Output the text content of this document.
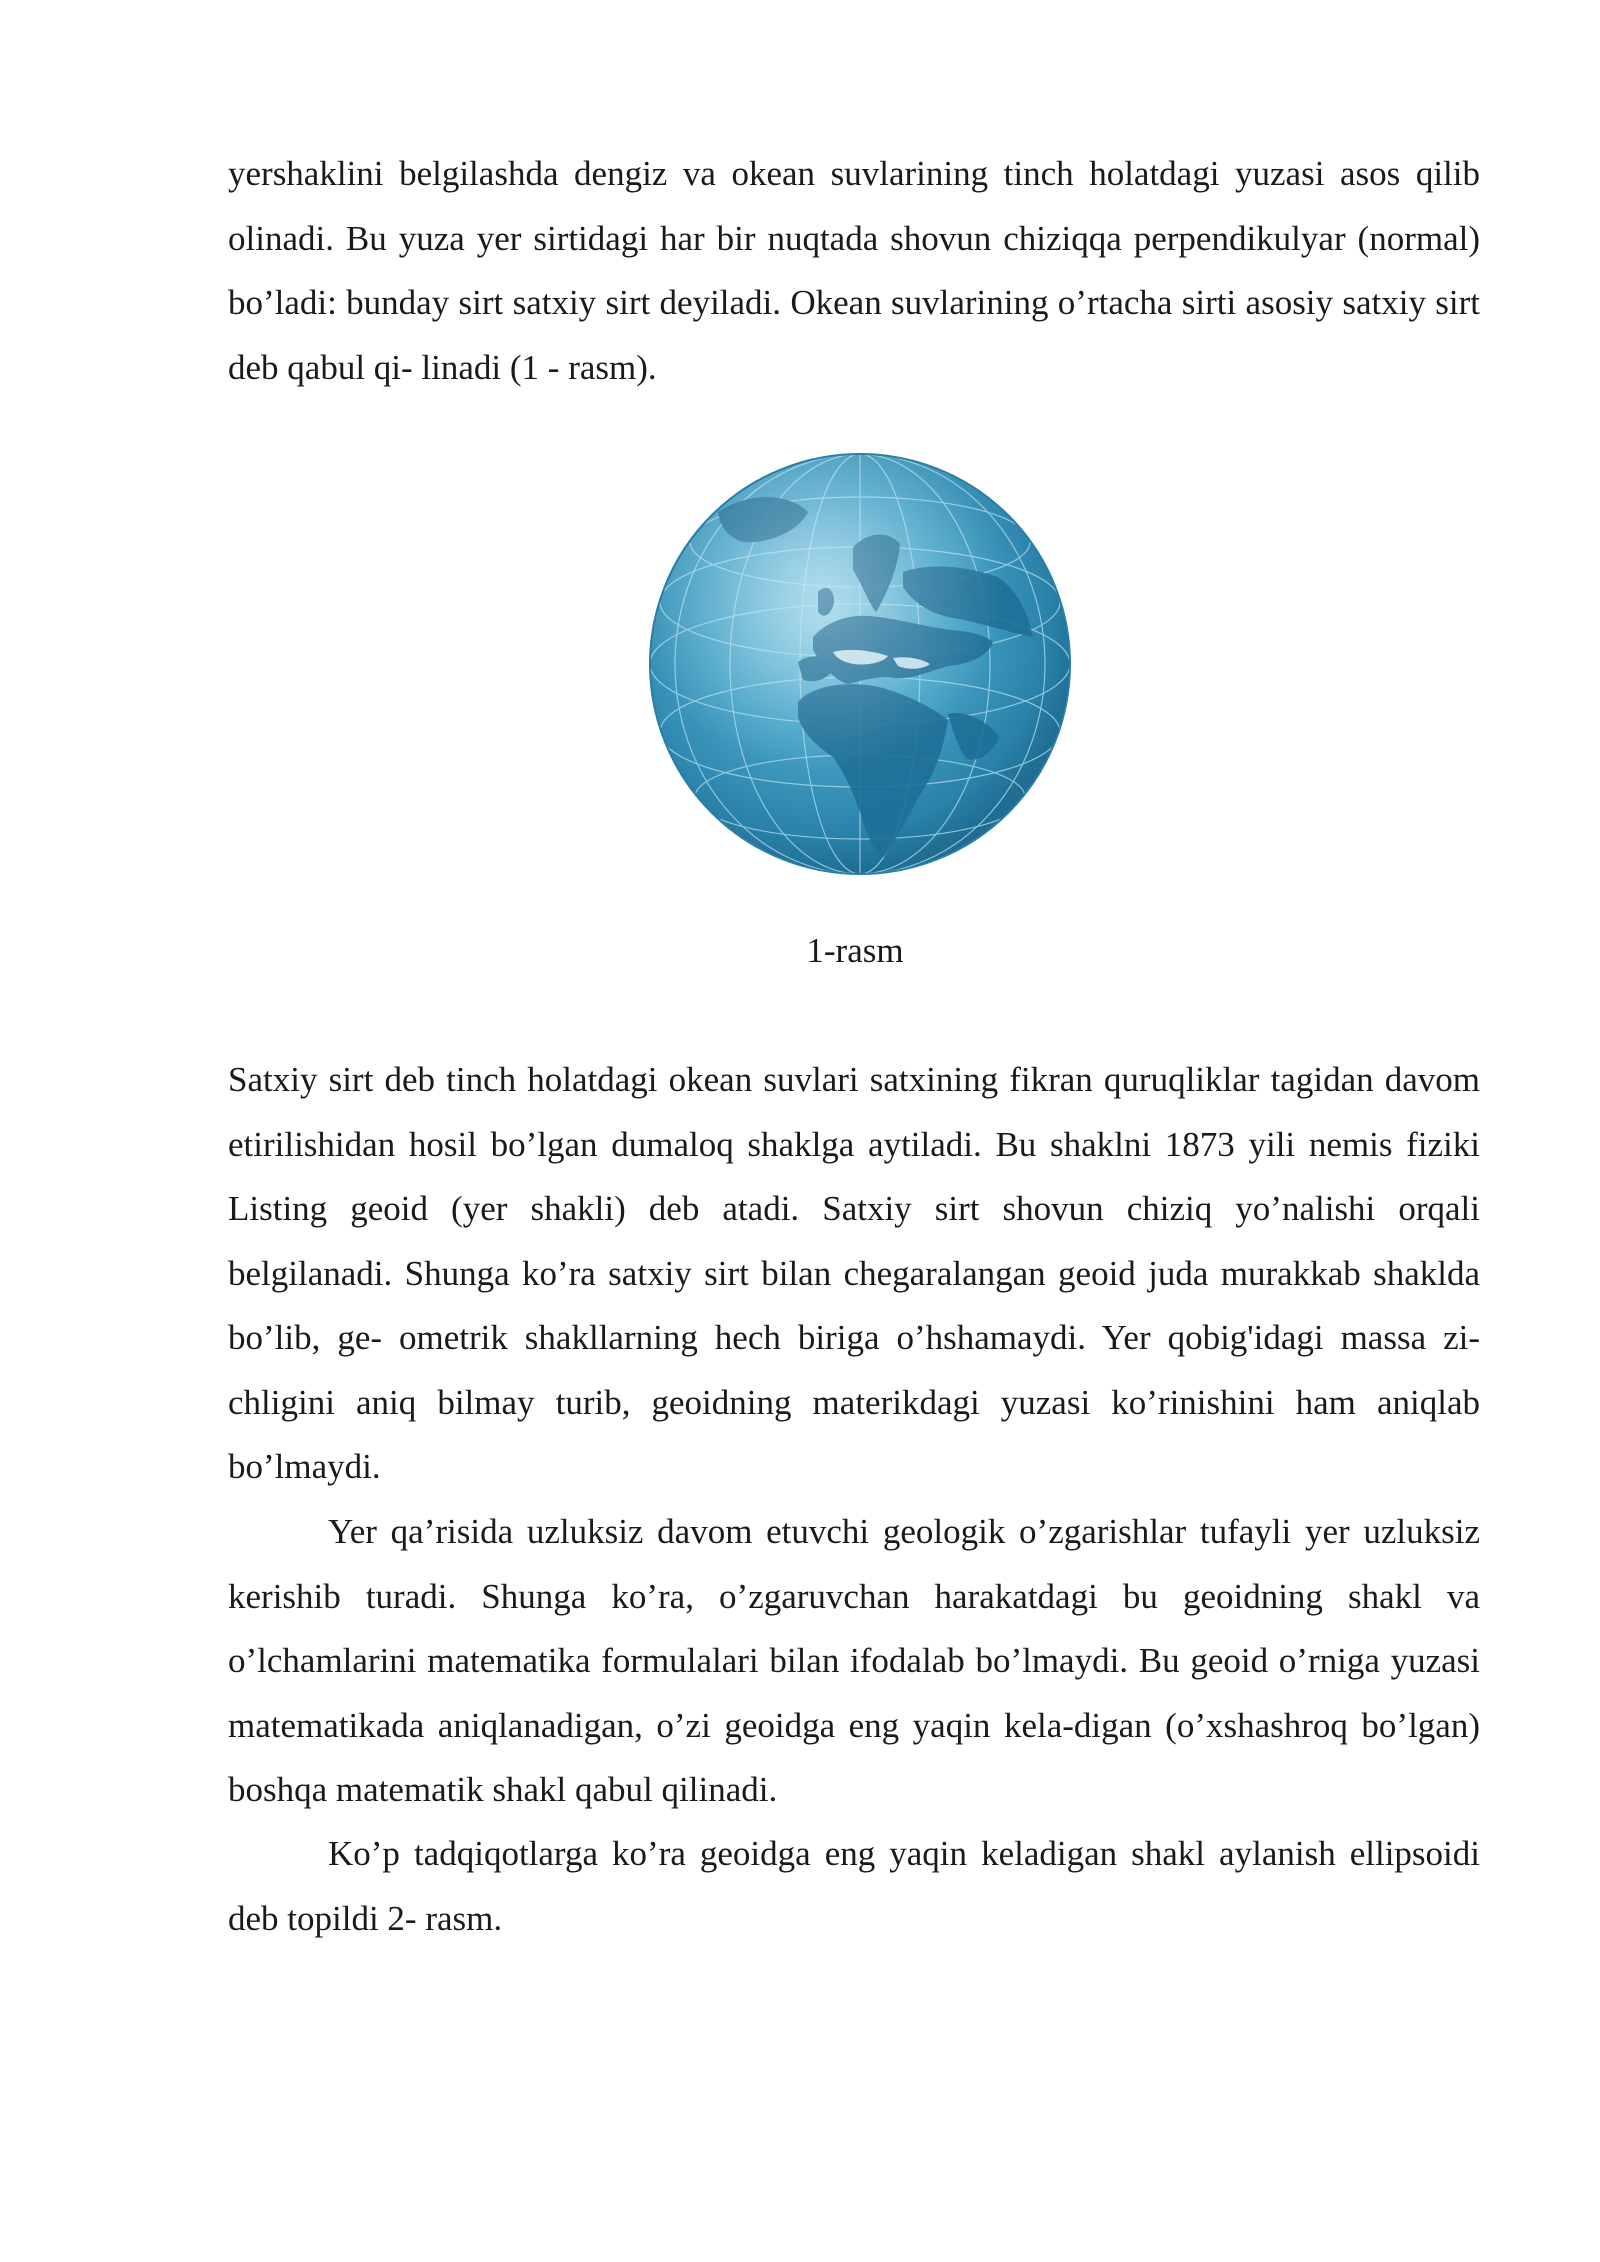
yershaklini belgilashda dengiz va okean suvlarining tinch holatdagi yuzasi asos qilib olinadi. Bu yuza yer sirtidagi har bir nuqtada shovun chiziqqa perpendikulyar (normal) bo’ladi: bunday sirt satxiy sirt deyiladi. Okean suvlarining o’rtacha sirti asosiy satxiy sirt deb qabul qi- linadi (1 - rasm).

1-rasm

Satxiy sirt deb tinch holatdagi okean suvlari satxining fikran quruqliklar tagidan davom etirilishidan hosil bo’lgan dumaloq shaklga aytiladi. Bu shaklni 1873 yili nemis fiziki Listing geoid (yer shakli) deb atadi. Satxiy sirt shovun chiziq yo’nalishi orqali belgilanadi. Shunga ko’ra satxiy sirt bilan chegaralangan geoid juda murakkab shaklda bo’lib, ge- ometrik shakllarning hech biriga o’hshamaydi. Yer qobig'idagi massa zi- chligini aniq bilmay turib, geoidning materikdagi yuzasi ko’rinishini ham aniqlab bo’lmaydi.

Yer qa’risida uzluksiz davom etuvchi geologik o’zgarishlar tufayli yer uzluksiz kerishib turadi. Shunga ko’ra, o’zgaruvchan harakatdagi bu geoidning shakl va o’lchamlarini matematika formulalari bilan ifodalab bo’lmaydi. Bu geoid o’rniga yuzasi matematikada aniqlanadigan, o’zi geoidga eng yaqin kela-digan (o’xshashroq bo’lgan) boshqa matematik shakl qabul qilinadi.

Ko’p tadqiqotlarga ko’ra geoidga eng yaqin keladigan shakl aylanish ellipsoidi deb topildi 2- rasm.
